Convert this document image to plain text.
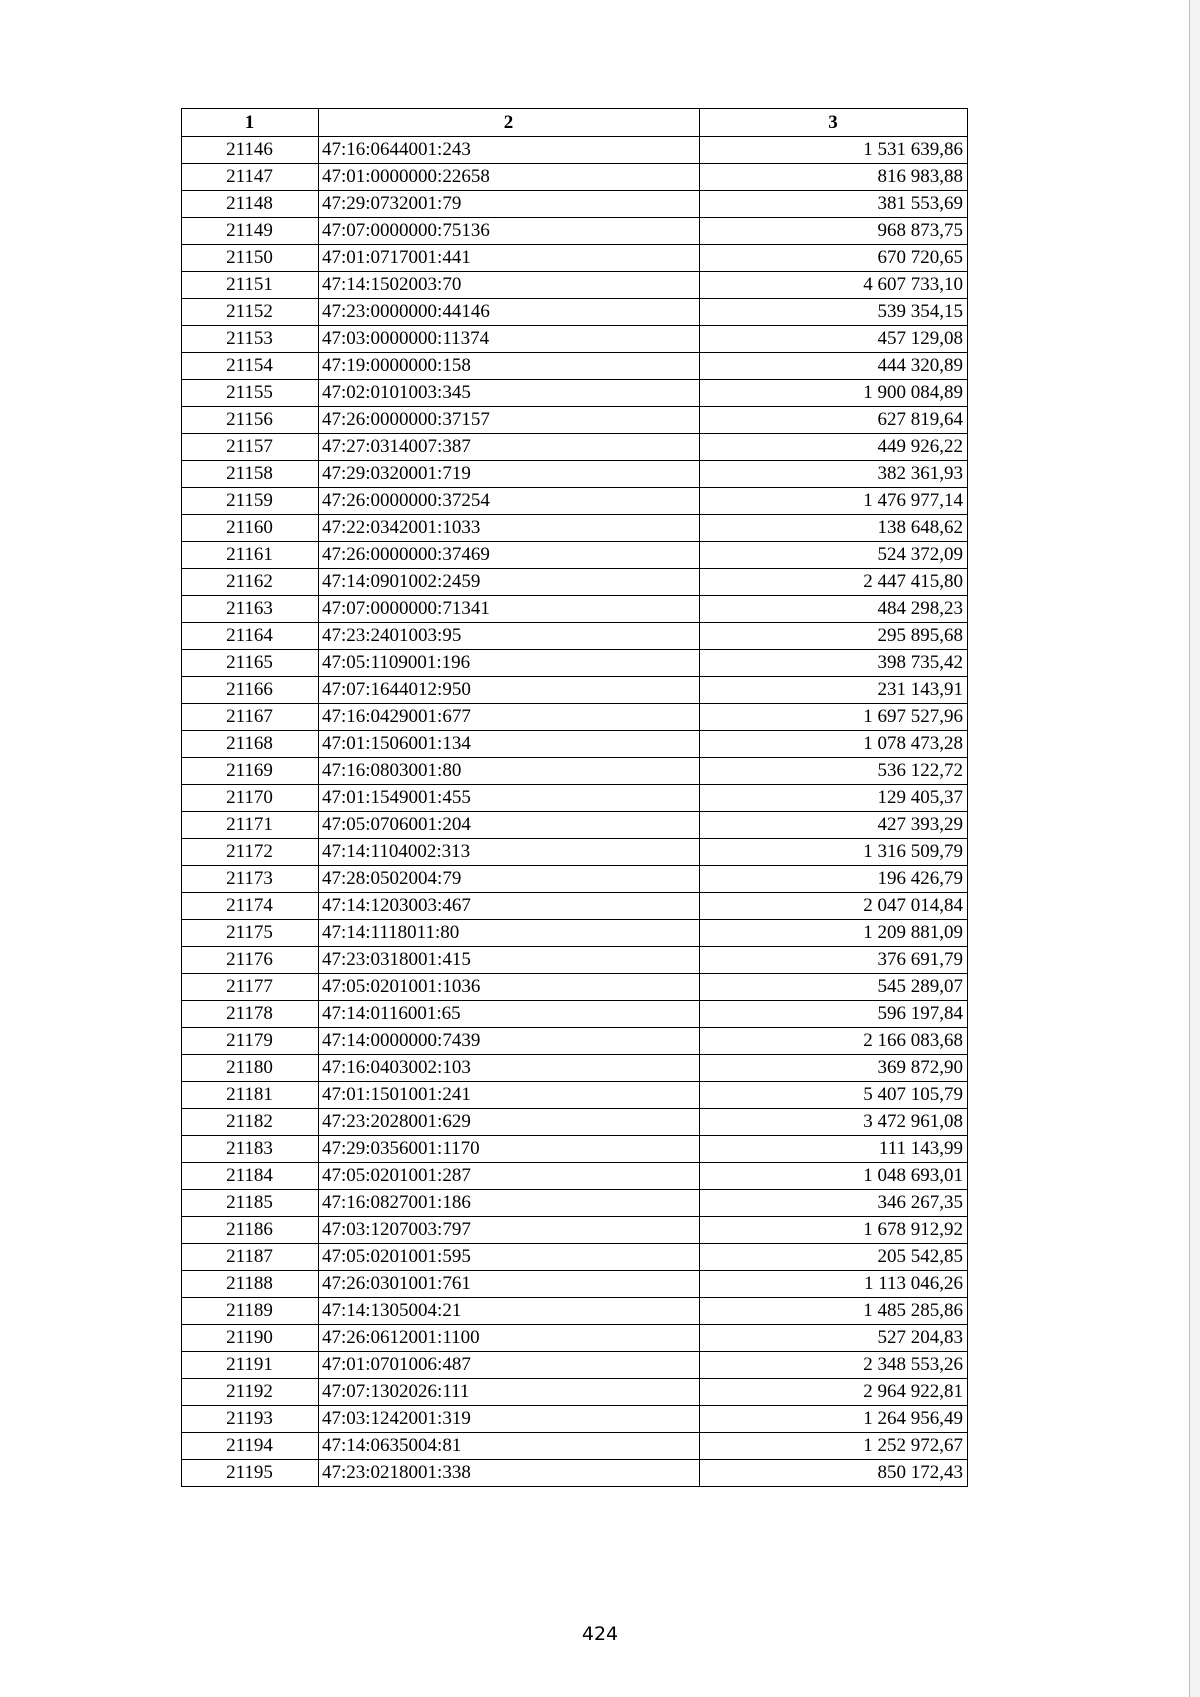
1	2	3
21146	47:16:0644001:243	1 531 639,86
21147	47:01:0000000:22658	816 983,88
21148	47:29:0732001:79	381 553,69
21149	47:07:0000000:75136	968 873,75
21150	47:01:0717001:441	670 720,65
21151	47:14:1502003:70	4 607 733,10
21152	47:23:0000000:44146	539 354,15
21153	47:03:0000000:11374	457 129,08
21154	47:19:0000000:158	444 320,89
21155	47:02:0101003:345	1 900 084,89
21156	47:26:0000000:37157	627 819,64
21157	47:27:0314007:387	449 926,22
21158	47:29:0320001:719	382 361,93
21159	47:26:0000000:37254	1 476 977,14
21160	47:22:0342001:1033	138 648,62
21161	47:26:0000000:37469	524 372,09
21162	47:14:0901002:2459	2 447 415,80
21163	47:07:0000000:71341	484 298,23
21164	47:23:2401003:95	295 895,68
21165	47:05:1109001:196	398 735,42
21166	47:07:1644012:950	231 143,91
21167	47:16:0429001:677	1 697 527,96
21168	47:01:1506001:134	1 078 473,28
21169	47:16:0803001:80	536 122,72
21170	47:01:1549001:455	129 405,37
21171	47:05:0706001:204	427 393,29
21172	47:14:1104002:313	1 316 509,79
21173	47:28:0502004:79	196 426,79
21174	47:14:1203003:467	2 047 014,84
21175	47:14:1118011:80	1 209 881,09
21176	47:23:0318001:415	376 691,79
21177	47:05:0201001:1036	545 289,07
21178	47:14:0116001:65	596 197,84
21179	47:14:0000000:7439	2 166 083,68
21180	47:16:0403002:103	369 872,90
21181	47:01:1501001:241	5 407 105,79
21182	47:23:2028001:629	3 472 961,08
21183	47:29:0356001:1170	111 143,99
21184	47:05:0201001:287	1 048 693,01
21185	47:16:0827001:186	346 267,35
21186	47:03:1207003:797	1 678 912,92
21187	47:05:0201001:595	205 542,85
21188	47:26:0301001:761	1 113 046,26
21189	47:14:1305004:21	1 485 285,86
21190	47:26:0612001:1100	527 204,83
21191	47:01:0701006:487	2 348 553,26
21192	47:07:1302026:111	2 964 922,81
21193	47:03:1242001:319	1 264 956,49
21194	47:14:0635004:81	1 252 972,67
21195	47:23:0218001:338	850 172,43
424
